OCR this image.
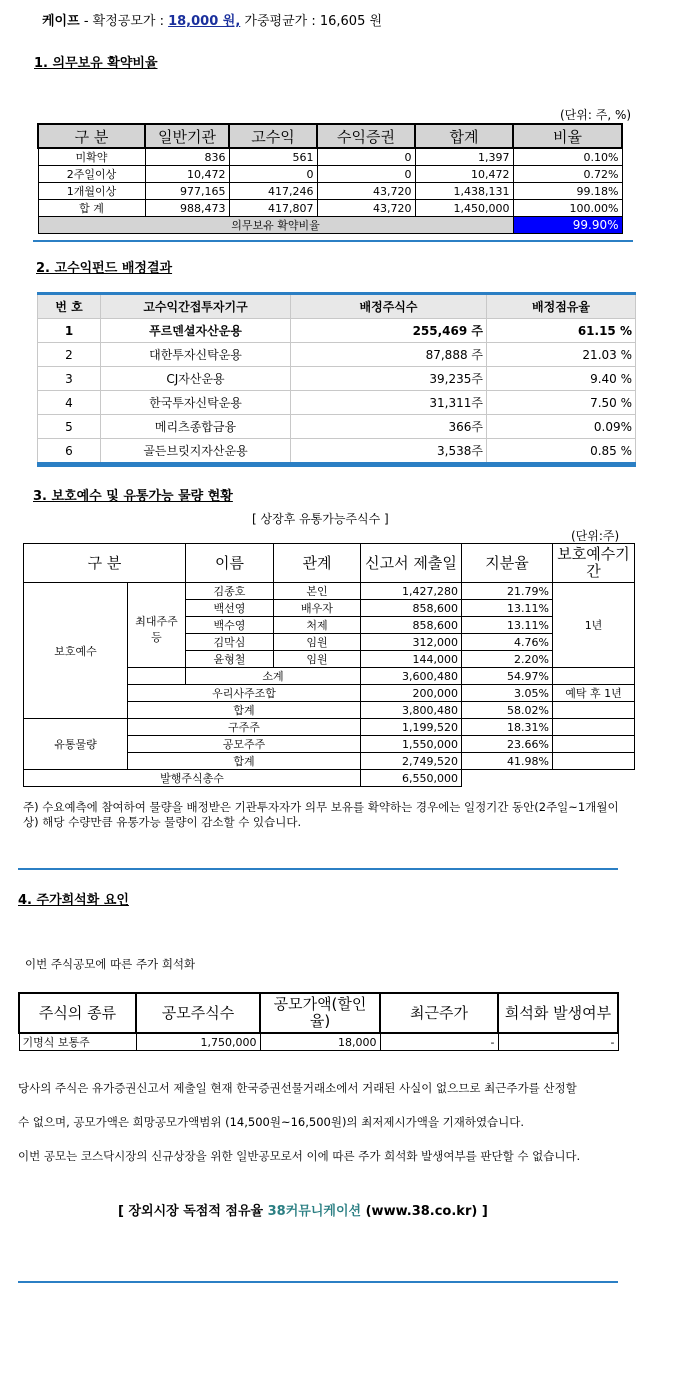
케이프 - 확정공모가 : 18,000 원, 가중평균가 : 16,605 원
1. 의무보유 확약비율
(단위: 주, %)
구 분	일반기관	고수익	수익증권	합계	비율
미확약	836	561	0	1,397	0.10%
2주일이상	10,472	0	0	10,472	0.72%
1개월이상	977,165	417,246	43,720	1,438,131	99.18%
합 계	988,473	417,807	43,720	1,450,000	100.00%
의무보유 확약비율					99.90%
2. 고수익펀드 배정결과
번 호	고수익간접투자기구	배정주식수	배정점유율
1	푸르덴셜자산운용	255,469 주	61.15 %
2	대한투자신탁운용	87,888 주	21.03 %
3	CJ자산운용	39,235주	9.40 %
4	한국투자신탁운용	31,311주	7.50 %
5	메리츠종합금융	366주	0.09%
6	골든브릿지자산운용	3,538주	0.85 %
3. 보호예수 및 유통가능 물량 현황
[ 상장후 유통가능주식수 ]
(단위:주)
구 분		이름	관계	신고서 제출일	지분율	보호예수기간
보호예수	최대주주등	김종호	본인	1,427,280	21.79%	1년
		백선영	배우자	858,600	13.11%	
		백수영	처제	858,600	13.11%	
		김막심	임원	312,000	4.76%	
		윤형철	임원	144,000	2.20%	
		소계		3,600,480	54.97%	
	우리사주조합			200,000	3.05%	예탁 후 1년
	합계			3,800,480	58.02%	
유통물량	구주주			1,199,520	18.31%	
	공모주주			1,550,000	23.66%	
	합계			2,749,520	41.98%	
발행주식총수				6,550,000		
주) 수요예측에 참여하여 물량을 배정받은 기관투자자가 의무 보유를 확약하는 경우에는 일정기간 동안(2주일~1개월이상) 해당 수량만큼 유통가능 물량이 감소할 수 있습니다.
4. 주가희석화 요인
이번 주식공모에 따른 주가 희석화
주식의 종류	공모주식수	공모가액(할인율)	최근주가	희석화 발생여부
기명식 보통주	1,750,000	18,000	-	-
당사의 주식은 유가증권신고서 제출일 현재 한국증권선물거래소에서 거래된 사실이 없으므로 최근주가를 산정할
수 없으며, 공모가액은 희망공모가액범위 (14,500원~16,500원)의 최저제시가액을 기재하였습니다.
이번 공모는 코스닥시장의 신규상장을 위한 일반공모로서 이에 따른 주가 희석화 발생여부를 판단할 수 없습니다.
[ 장외시장 독점적 점유율 38커뮤니케이션 (www.38.co.kr) ]
